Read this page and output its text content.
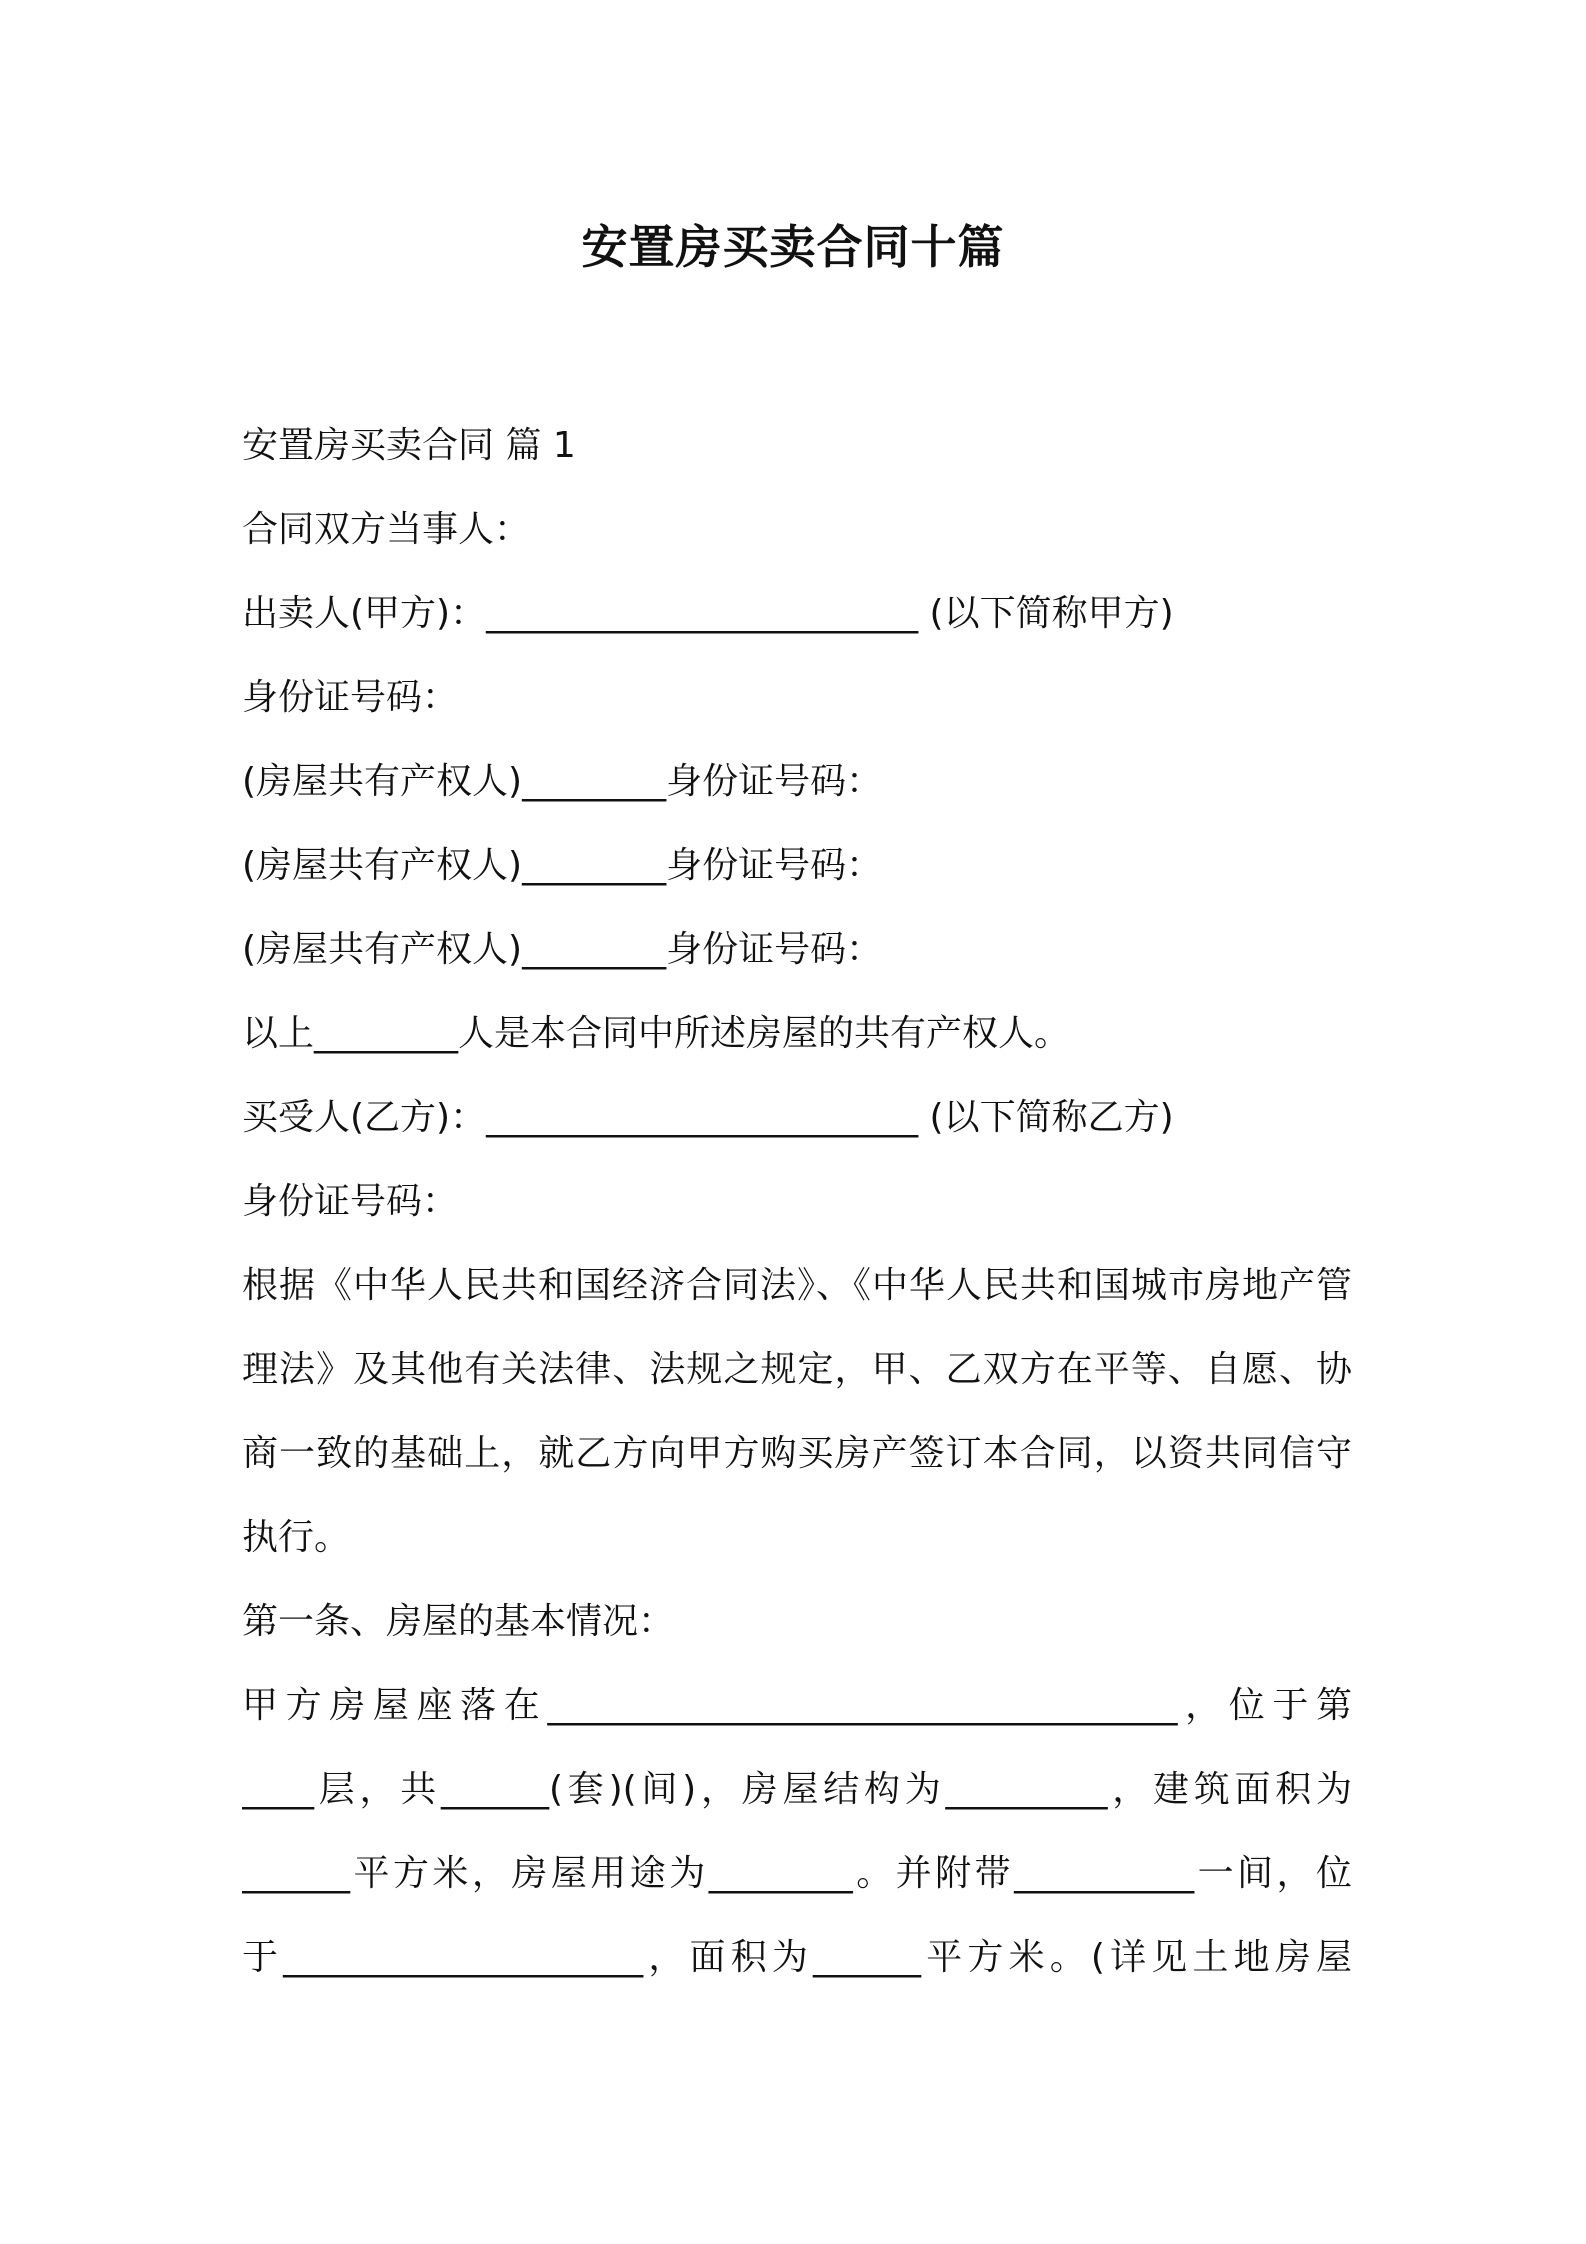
安置房买卖合同十篇

安置房买卖合同 篇 1

合同双方当事人：

出卖人(甲方)：________________________ (以下简称甲方)

身份证号码：

(房屋共有产权人)________身份证号码：

(房屋共有产权人)________身份证号码：

(房屋共有产权人)________身份证号码：

以上________人是本合同中所述房屋的共有产权人。

买受人(乙方)：________________________ (以下简称乙方)

身份证号码：

根据《中华人民共和国经济合同法》、《中华人民共和国城市房地产管

理法》及其他有关法律、法规之规定，甲、乙双方在平等、自愿、协

商一致的基础上，就乙方向甲方购买房产签订本合同，以资共同信守

执行。

第一条、房屋的基本情况：

甲方房屋座落在___________________________________，位于第

____层，共______(套)(间)，房屋结构为_________，建筑面积为

______平方米，房屋用途为________。并附带__________一间，位

于____________________，面积为______平方米。(详见土地房屋
